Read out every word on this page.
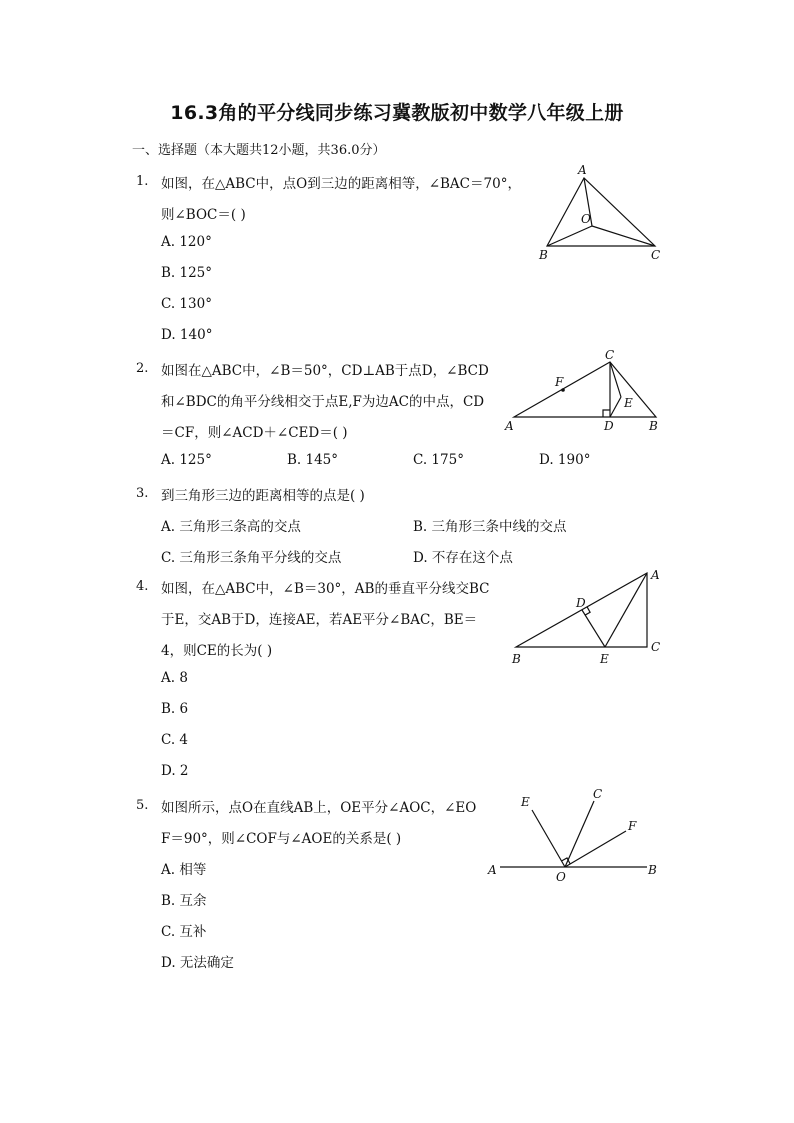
16.3角的平分线同步练习冀教版初中数学八年级上册
一、选择题（本大题共12小题，共36.0分）
1. 如图，在△ABC中，点O到三边的距离相等，∠BAC＝70°，
则∠BOC＝( )
A. 120°
B. 125°
C. 130°
D. 140°
A
B	C
O
2. 如图在△ABC中，∠B＝50°，CD⊥AB于点D，∠BCD
和∠BDC的角平分线相交于点E,F为边AC的中点，CD
＝CF，则∠ACD＋∠CED＝( )
A. 125°	B. 145°	C. 175°	D. 190°
C
F
E
A	D	B
3. 到三角形三边的距离相等的点是( )
A. 三角形三条高的交点	B. 三角形三条中线的交点
C. 三角形三条角平分线的交点	D. 不存在这个点
4. 如图，在△ABC中，∠B＝30°，AB的垂直平分线交BC
于E，交AB于D，连接AE，若AE平分∠BAC，BE＝
4，则CE的长为( )
A. 8
B. 6
C. 4
D. 2
A
D
B	E
C
5. 如图所示，点O在直线AB上，OE平分∠AOC，∠EO
F＝90°，则∠COF与∠AOE的关系是( )
A. 相等
B. 互余
C. 互补
D. 无法确定
E
C
F
A	O	B
